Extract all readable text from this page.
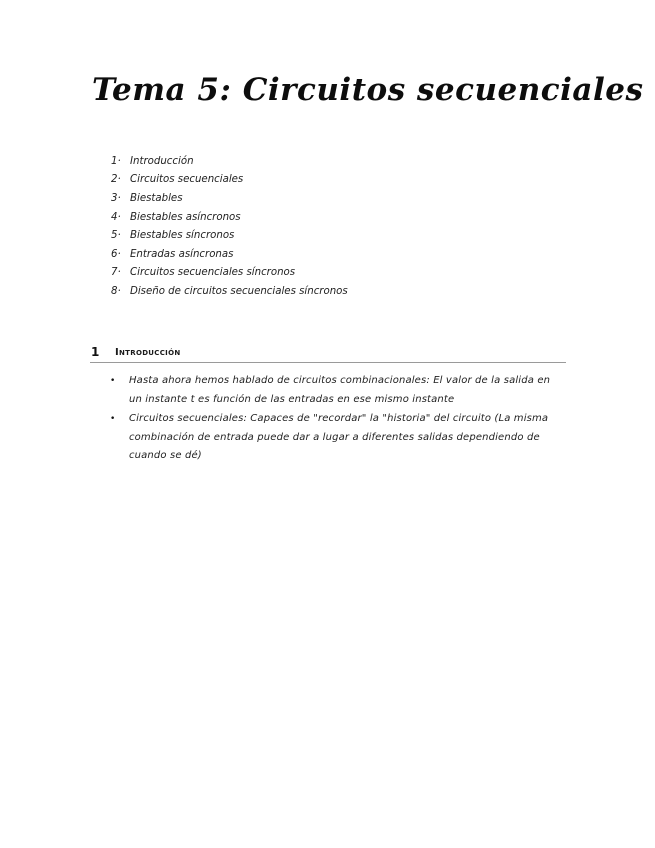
Tema 5: Circuitos secuenciales
1· Introducción
2· Circuitos secuenciales
3· Biestables
4· Biestables asíncronos
5· Biestables síncronos
6· Entradas asíncronas
7· Circuitos secuenciales síncronos
8· Diseño de circuitos secuenciales síncronos
1	Introducción
•	Hasta ahora hemos hablado de circuitos combinacionales: El valor de la salida en un instante t es función de las entradas en ese mismo instante
•	Circuitos secuenciales: Capaces de "recordar" la "historia" del circuito (La misma combinación de entrada puede dar a lugar a diferentes salidas dependiendo de cuando se dé)
